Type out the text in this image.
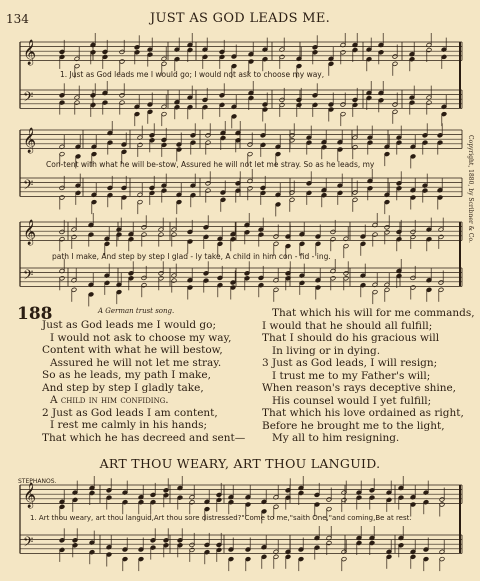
134	JUST AS GOD LEADS ME.
Copyright, 1880, by Scribner & Co.
𝄞
𝄢
𝄞
𝄢
𝄞
𝄢
𝄞
𝄢
1. Just as God leads me I would go; I would not ask to choose my way,
Con-tent with what he will be-stow, Assured he will not let me stray. So as he leads, my
path I make, And step by step I glad - ly take, A child in him con - fid - ing.
188	A German trust song.
Just as God leads me I would go;
I would not ask to choose my way,
Content with what he will bestow,
Assured he will not let me stray.
So as he leads, my path I make,
And step by step I gladly take,
A child in him confiding.
2 Just as God leads I am content,
I rest me calmly in his hands;
That which he has decreed and sent—
That which his will for me commands,
I would that he should all fulfill;
That I should do his gracious will
In living or in dying.
3 Just as God leads, I will resign;
I trust me to my Father's will;
When reason's rays deceptive shine,
His counsel would I yet fulfill;
That which his love ordained as right,
Before he brought me to the light,
My all to him resigning.
ART THOU WEARY, ART THOU LANGUID.
STEPHANOS.
1. Art thou weary, art thou languid,Art thou sore distressed?"Come to me,"saith One,"and coming,Be at rest.
